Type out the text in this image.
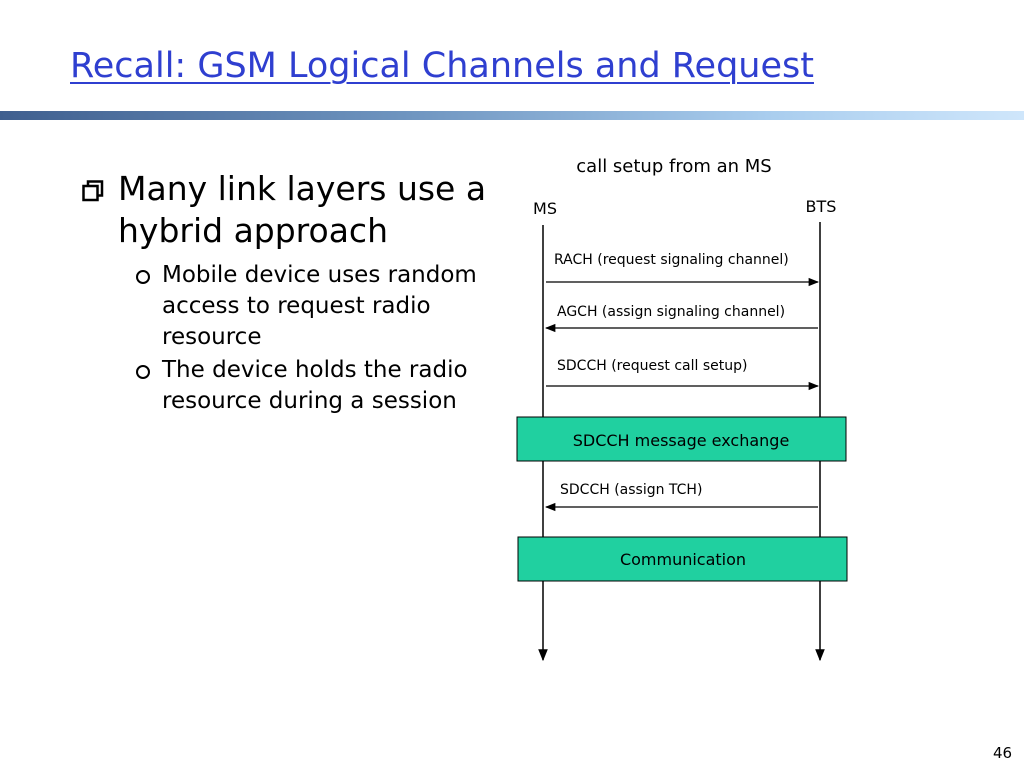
Recall: GSM Logical Channels and Request
Many link layers use a hybrid approach
Mobile device uses random access to request radio resource
The device holds the radio resource during a session
call setup from an MS
MS	BTS
RACH (request signaling channel)
AGCH (assign signaling channel)
SDCCH (request call setup)
SDCCH message exchange
SDCCH (assign TCH)
Communication
46
